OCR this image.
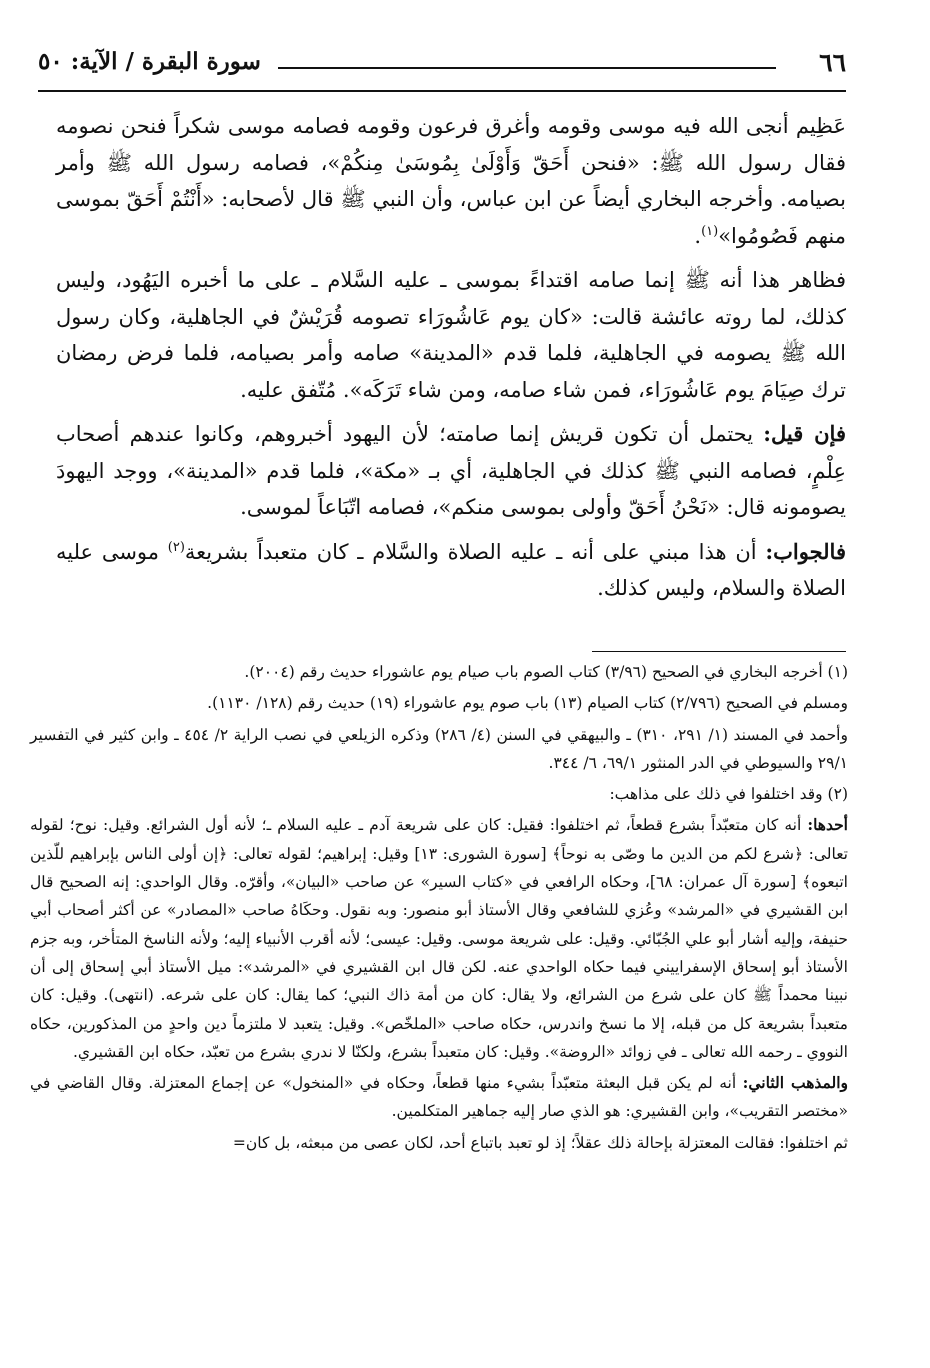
٦٦
سورة البقرة / الآية: ٥٠

عَظِيم أنجى الله فيه موسى وقومه وأغرق فرعون وقومه فصامه موسى شكراً فنحن نصومه فقال رسول الله ﷺ: «فنحن أَحَقّ وَأَوْلَىٰ بِمُوسَىٰ مِنكُمْ»، فصامه رسول الله ﷺ وأمر بصيامه. وأخرجه البخاري أيضاً عن ابن عباس، وأن النبي ﷺ قال لأصحابه: «أَنْتُمْ أَحَقّ بموسى منهم فَصُومُوا»$^{(١)}$.

فظاهر هذا أنه ﷺ إنما صامه اقتداءً بموسى ـ عليه السَّلام ـ على ما أخبره اليَهُود، وليس كذلك، لما روته عائشة قالت: «كان يوم عَاشُورَاء تصومه قُرَيْشٌ في الجاهلية، وكان رسول الله ﷺ يصومه في الجاهلية، فلما قدم «المدينة» صامه وأمر بصيامه، فلما فرض رمضان ترك صِيَامَ يوم عَاشُورَاء، فمن شاء صامه، ومن شاء تَرَكَه». مُتّفق عليه.

فإن قيل: يحتمل أن تكون قريش إنما صامته؛ لأن اليهود أخبروهم، وكانوا عندهم أصحاب عِلْمٍ، فصامه النبي ﷺ كذلك في الجاهلية، أي بـ «مكة»، فلما قدم «المدينة»، ووجد اليهودَ يصومونه قال: «نَحْنُ أَحَقّ وأولى بموسى منكم»، فصامه اتّبَاعاً لموسى.

فالجواب: أن هذا مبني على أنه ـ عليه الصلاة والسَّلام ـ كان متعبداً بشريعة$^{(٢)}$ موسى عليه الصلاة والسلام، وليس كذلك.

(١) أخرجه البخاري في الصحيح (٣/٩٦) كتاب الصوم باب صيام يوم عاشوراء حديث رقم (٢٠٠٤).

ومسلم في الصحيح (٢/٧٩٦) كتاب الصيام (١٣) باب صوم يوم عاشوراء (١٩) حديث رقم (١٢٨/ ١١٣٠).

وأحمد في المسند (١/ ٢٩١، ٣١٠) ـ والبيهقي في السنن (٤/ ٢٨٦) وذكره الزيلعي في نصب الراية ٢/ ٤٥٤ ـ وابن كثير في التفسير ٢٩/١ والسيوطي في الدر المنثور ٦٩/١، ٦/ ٣٤٤.

(٢) وقد اختلفوا في ذلك على مذاهب:

أحدها: أنه كان متعبّداً بشرع قطعاً، ثم اختلفوا: فقيل: كان على شريعة آدم ـ عليه السلام ـ؛ لأنه أول الشرائع. وقيل: نوح؛ لقوله تعالى: ﴿شرع لكم من الدين ما وصّى به نوحاً﴾ [سورة الشورى: ١٣] وقيل: إبراهيم؛ لقوله تعالى: ﴿إن أولى الناس بإبراهيم للّذين اتبعوه﴾ [سورة آل عمران: ٦٨]، وحكاه الرافعي في «كتاب السير» عن صاحب «البيان»، وأقرّه. وقال الواحدي: إنه الصحيح قال ابن القشيري في «المرشد» وعُزي للشافعي وقال الأستاذ أبو منصور: وبه نقول. وحكَاهُ صاحب «المصادر» عن أكثر أصحاب أبي حنيفة، وإليه أشار أبو علي الجُبّائي. وقيل: على شريعة موسى. وقيل: عيسى؛ لأنه أقرب الأنبياء إليه؛ ولأنه الناسخ المتأخر، وبه جزم الأستاذ أبو إسحاق الإسفراييني فيما حكاه الواحدي عنه. لكن قال ابن القشيري في «المرشد»: ميل الأستاذ أبي إسحاق إلى أن نبينا محمداً ﷺ كان على شرع من الشرائع، ولا يقال: كان من أمة ذاك النبي؛ كما يقال: كان على شرعه. (انتهى). وقيل: كان متعبداً بشريعة كل من قبله، إلا ما نسخ واندرس، حكاه صاحب «الملخّص». وقيل: يتعبد لا ملتزماً دين واحدٍ من المذكورين، حكاه النووي ـ رحمه الله تعالى ـ في زوائد «الروضة». وقيل: كان متعبداً بشرع، ولكنّا لا ندري بشرع من تعبّد، حكاه ابن القشيري.

والمذهب الثاني: أنه لم يكن قبل البعثة متعبّداً بشيء منها قطعاً، وحكاه في «المنخول» عن إجماع المعتزلة. وقال القاضي في «مختصر التقريب»، وابن القشيري: هو الذي صار إليه جماهير المتكلمين.

ثم اختلفوا: فقالت المعتزلة بإحالة ذلك عقلاً؛ إذ لو تعبد باتباع أحد، لكان عصى من مبعثه، بل كان=
